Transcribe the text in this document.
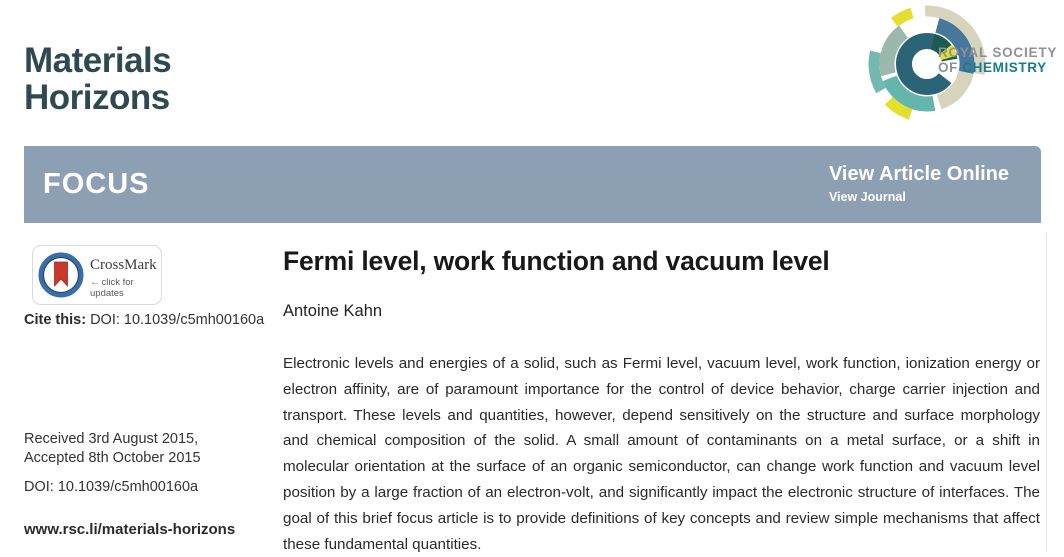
Materials
Horizons
ROYAL SOCIETY
OF CHEMISTRY
FOCUS	View Article Online
View Journal
CrossMark
← click for updates
Cite this: DOI: 10.1039/c5mh00160a
Received 3rd August 2015,
Accepted 8th October 2015
DOI: 10.1039/c5mh00160a
www.rsc.li/materials-horizons
Fermi level, work function and vacuum level
Antoine Kahn
Electronic levels and energies of a solid, such as Fermi level, vacuum level, work function, ionization energy or electron affinity, are of paramount importance for the control of device behavior, charge carrier injection and transport. These levels and quantities, however, depend sensitively on the structure and surface morphology and chemical composition of the solid. A small amount of contaminants on a metal surface, or a shift in molecular orientation at the surface of an organic semiconductor, can change work function and vacuum level position by a large fraction of an electron-volt, and significantly impact the electronic structure of interfaces. The goal of this brief focus article is to provide definitions of key concepts and review simple mechanisms that affect these fundamental quantities.
